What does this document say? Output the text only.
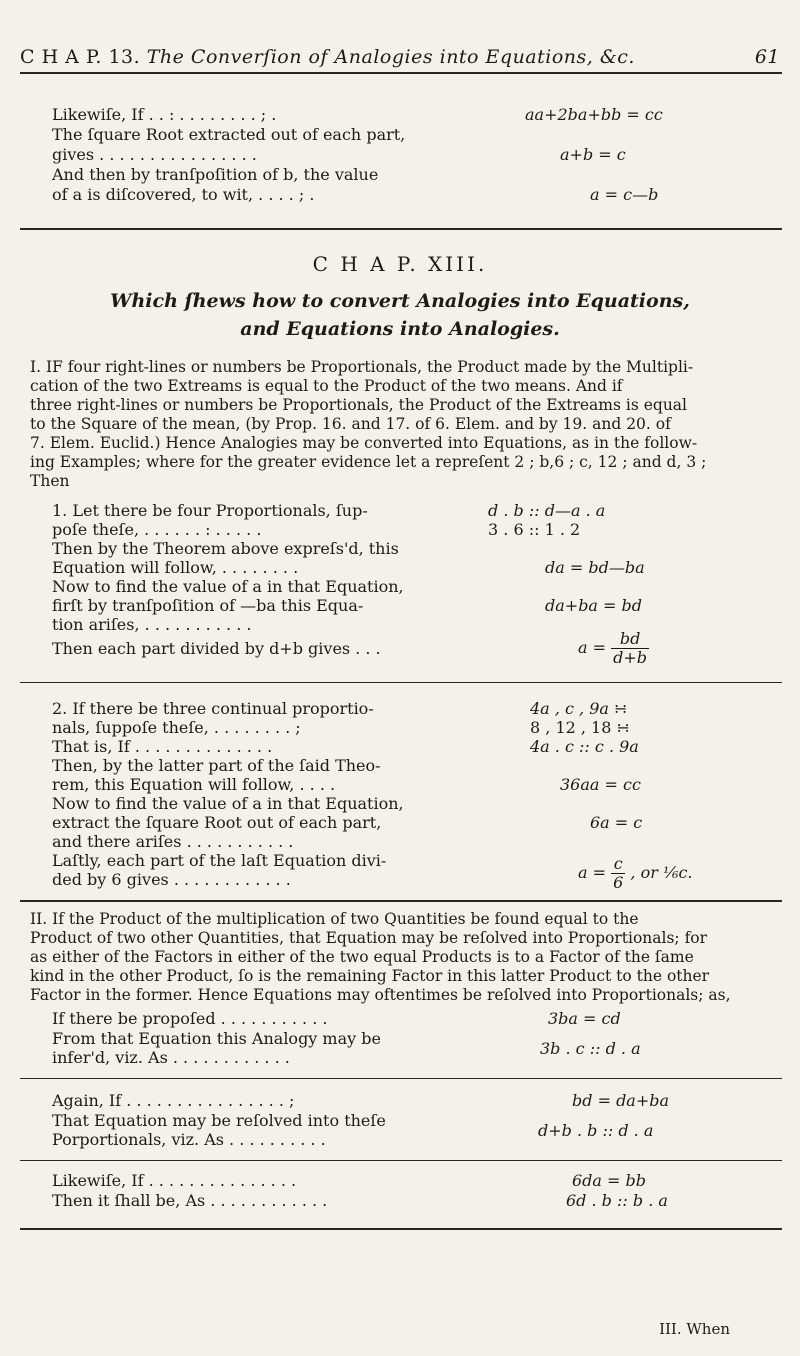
C H A P. 13. The Converſion of Analogies into Equations, &c.	61
Likewiſe, If . . : . . . . . . . . ; .
The ſquare Root extracted out of each part,
gives . . . . . . . . . . . . . . . .
And then by tranſpoſition of b, the value
of a is diſcovered, to wit, . . . . ; .
aa+2ba+bb = cc
a+b = c
a = c—b
C H A P. XIII.
Which ſhews how to convert Analogies into Equations,
and Equations into Analogies.
I. IF four right-lines or numbers be Proportionals, the Product made by the Multipli-
cation of the two Extreams is equal to the Product of the two means. And if
three right-lines or numbers be Proportionals, the Product of the Extreams is equal
to the Square of the mean, (by Prop. 16. and 17. of 6. Elem. and by 19. and 20. of
7. Elem. Euclid.) Hence Analogies may be converted into Equations, as in the follow-
ing Examples; where for the greater evidence let a repreſent 2 ; b,6 ; c, 12 ; and d, 3 ;
Then
1. Let there be four Proportionals, ſup-
poſe theſe, . . . . . . : . . . . .
Then by the Theorem above expreſs'd, this
Equation will follow, . . . . . . . .
Now to find the value of a in that Equation,
firſt by tranſpoſition of —ba this Equa-
tion ariſes, . . . . . . . . . . .
Then each part divided by d+b gives . . .
d . b :: d—a . a
3 . 6 :: 1 . 2
da = bd—ba
da+ba = bd
$a = \frac{bd}{d+b}$
2. If there be three continual proportio-
nals, ſuppoſe theſe, . . . . . . . . ;
That is, If . . . . . . . . . . . . . .
Then, by the latter part of the ſaid Theo-
rem, this Equation will follow, . . . .
Now to find the value of a in that Equation,
extract the ſquare Root out of each part,
and there ariſes . . . . . . . . . . .
Laſtly, each part of the laſt Equation divi-
ded by 6 gives . . . . . . . . . . . .
4a , c , 9a ∺
8 , 12 , 18 ∺
4a . c :: c . 9a
36aa = cc
6a = c
$a = \frac{c}{6}$ , or ⅙c.
II. If the Product of the multiplication of two Quantities be found equal to the
Product of two other Quantities, that Equation may be reſolved into Proportionals; for
as either of the Factors in either of the two equal Products is to a Factor of the ſame
kind in the other Product, ſo is the remaining Factor in this latter Product to the other
Factor in the former. Hence Equations may oftentimes be reſolved into Proportionals; as,
If there be propoſed . . . . . . . . . . .
From that Equation this Analogy may be
infer'd, viz. As . . . . . . . . . . . .
3ba = cd
3b . c :: d . a
Again, If . . . . . . . . . . . . . . . . ;
That Equation may be reſolved into theſe
Porportionals, viz. As . . . . . . . . . .
bd = da+ba
d+b . b :: d . a
Likewiſe, If . . . . . . . . . . . . . . .
Then it ſhall be, As . . . . . . . . . . . .
6da = bb
6d . b :: b . a
III. When
